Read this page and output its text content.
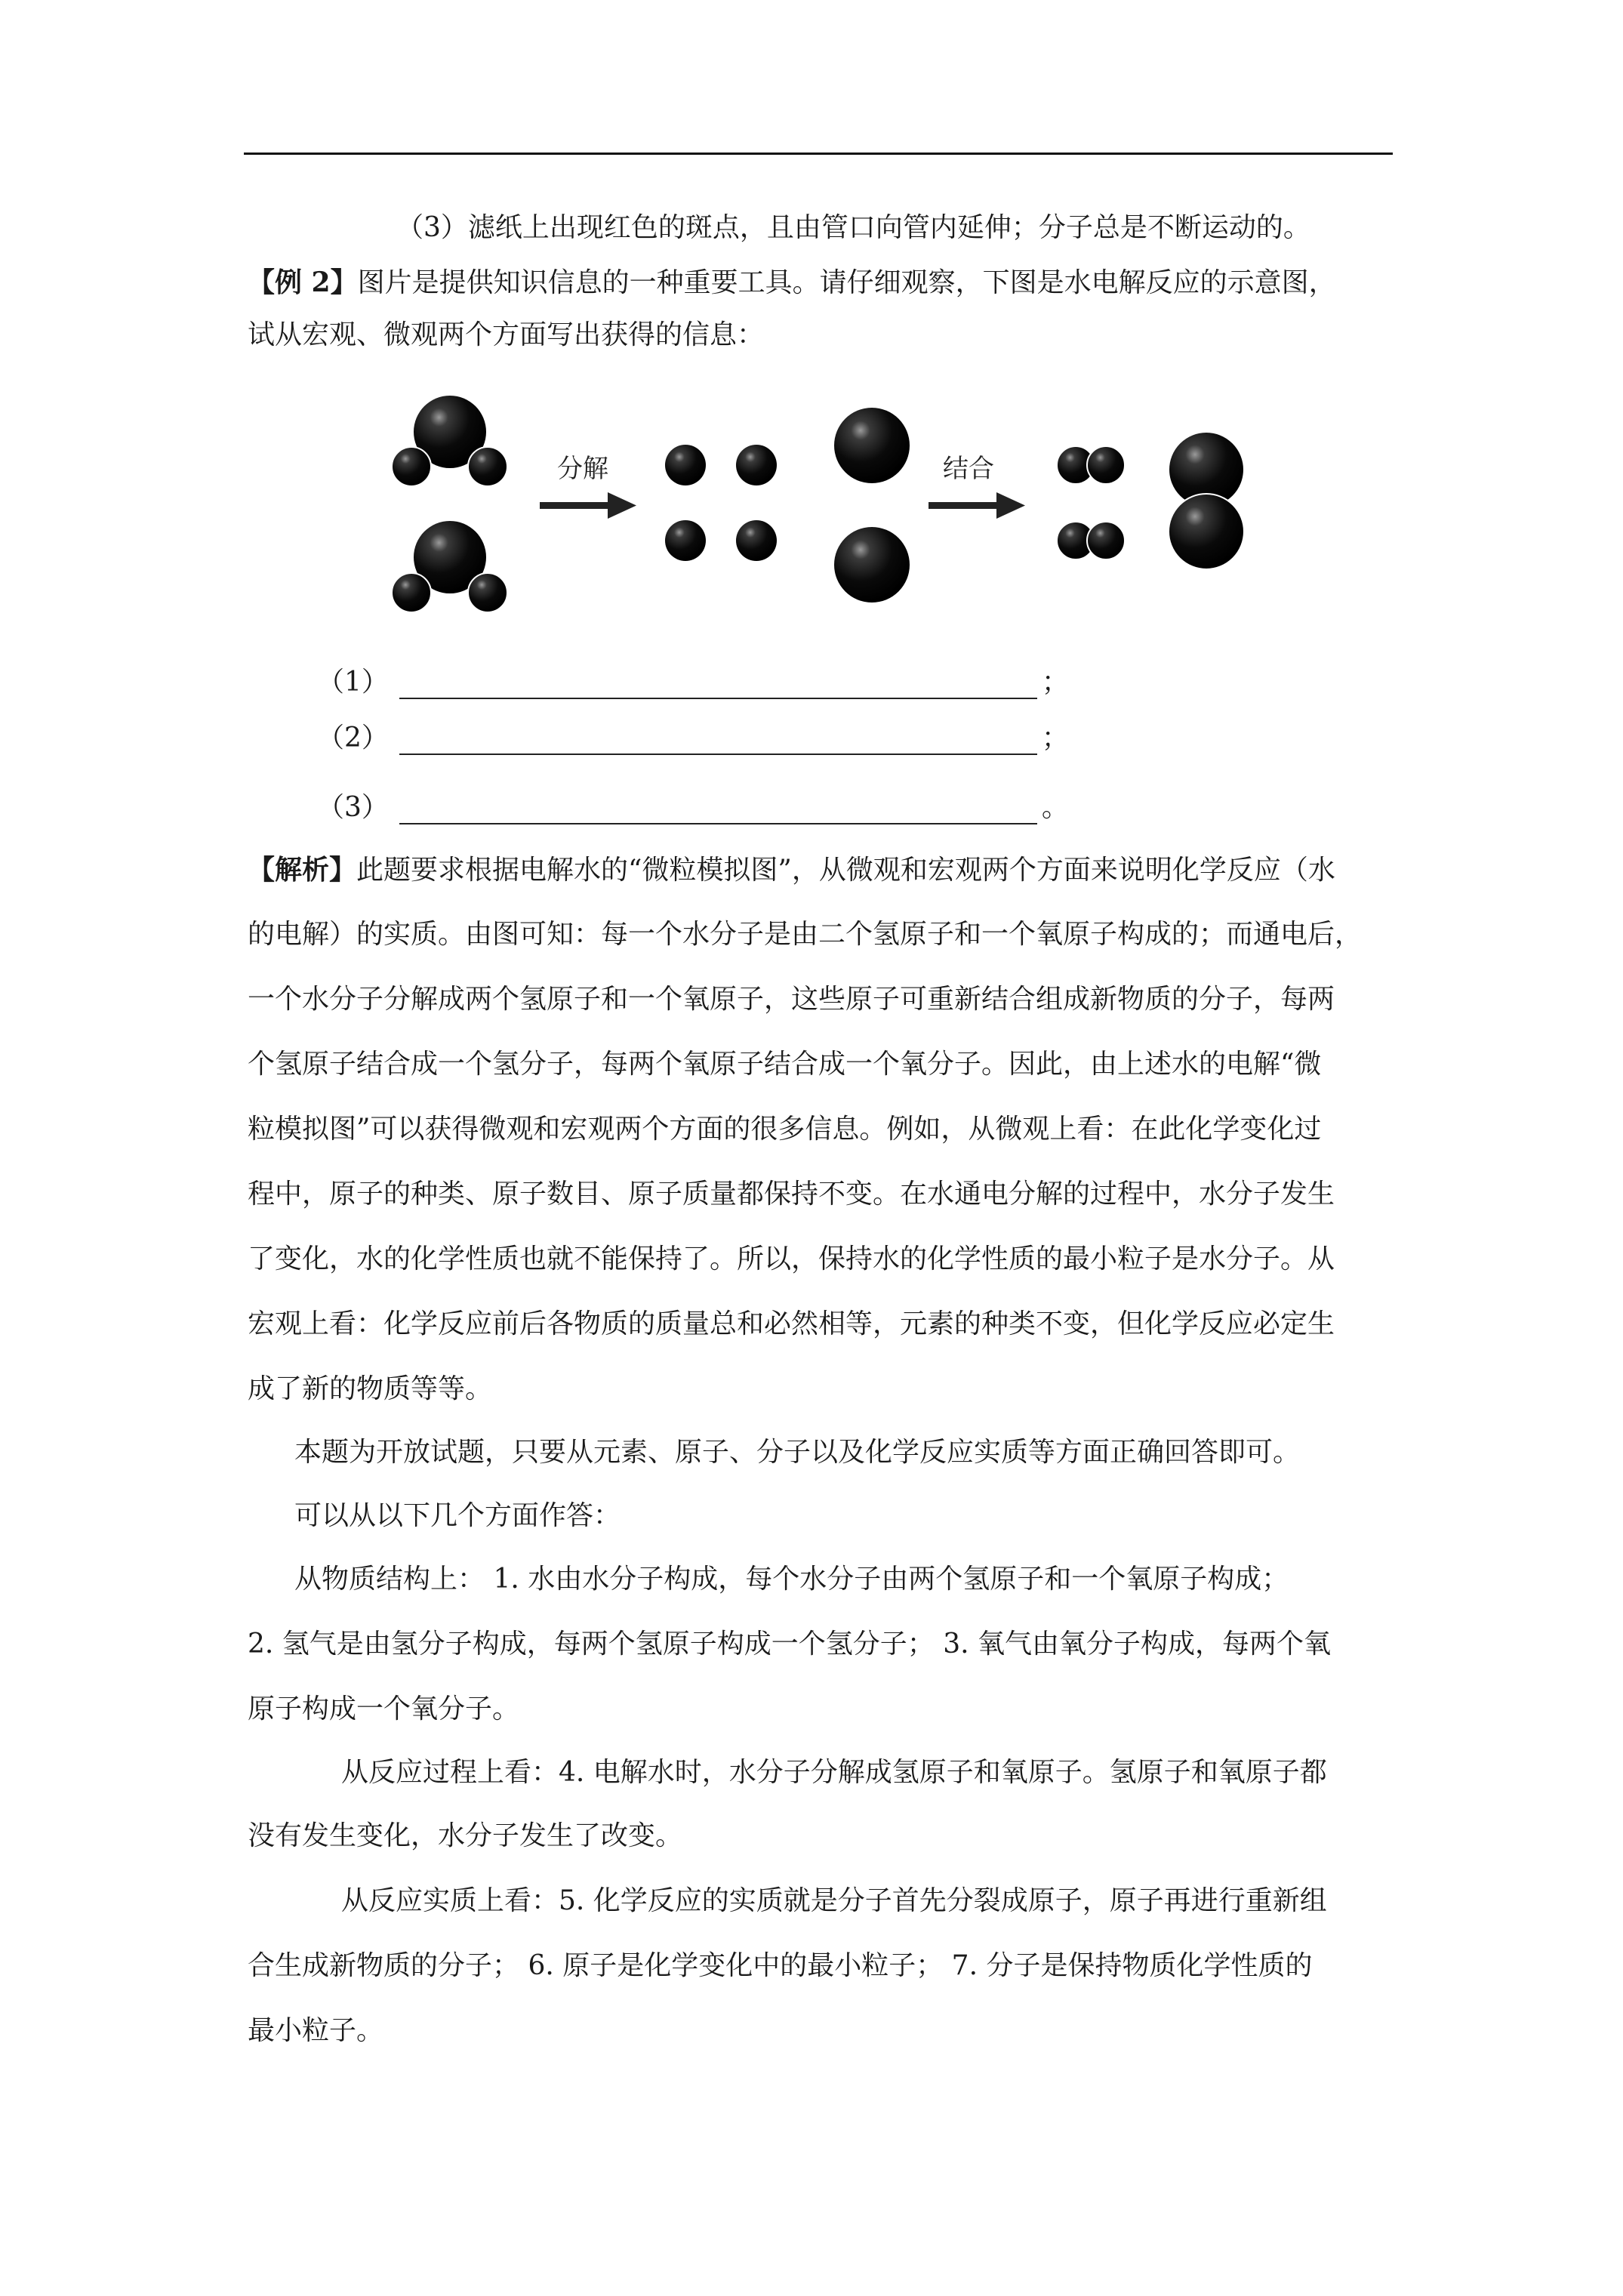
（3）滤纸上出现红色的斑点，且由管口向管内延伸；分子总是不断运动的。
【例 2】图片是提供知识信息的一种重要工具。请仔细观察，下图是水电解反应的示意图，
试从宏观、微观两个方面写出获得的信息：
分解	结合
（1）	；
（2）	；
（3）	。
【解析】此题要求根据电解水的“微粒模拟图”，从微观和宏观两个方面来说明化学反应（水
的电解）的实质。由图可知：每一个水分子是由二个氢原子和一个氧原子构成的；而通电后，
一个水分子分解成两个氢原子和一个氧原子，这些原子可重新结合组成新物质的分子，每两
个氢原子结合成一个氢分子，每两个氧原子结合成一个氧分子。因此，由上述水的电解“微
粒模拟图”可以获得微观和宏观两个方面的很多信息。例如，从微观上看：在此化学变化过
程中，原子的种类、原子数目、原子质量都保持不变。在水通电分解的过程中，水分子发生
了变化，水的化学性质也就不能保持了。所以，保持水的化学性质的最小粒子是水分子。从
宏观上看：化学反应前后各物质的质量总和必然相等，元素的种类不变，但化学反应必定生
成了新的物质等等。
本题为开放试题，只要从元素、原子、分子以及化学反应实质等方面正确回答即可。
可以从以下几个方面作答：
从物质结构上： 1. 水由水分子构成，每个水分子由两个氢原子和一个氧原子构成；
2. 氢气是由氢分子构成，每两个氢原子构成一个氢分子； 3. 氧气由氧分子构成，每两个氧
原子构成一个氧分子。
从反应过程上看：4. 电解水时，水分子分解成氢原子和氧原子。氢原子和氧原子都
没有发生变化，水分子发生了改变。
从反应实质上看：5. 化学反应的实质就是分子首先分裂成原子，原子再进行重新组
合生成新物质的分子； 6. 原子是化学变化中的最小粒子； 7. 分子是保持物质化学性质的
最小粒子。
